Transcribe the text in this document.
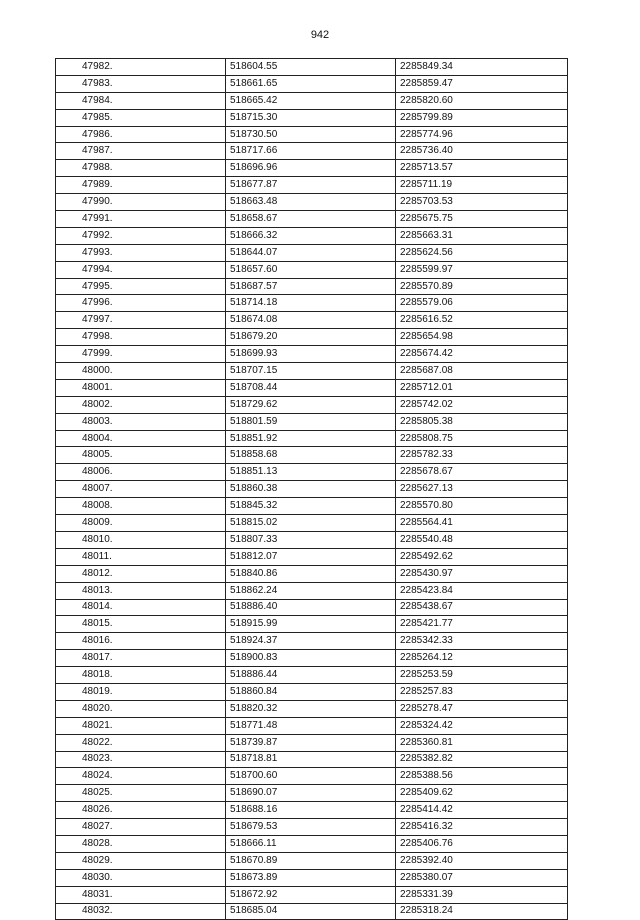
942
47982.	518604.55	2285849.34
47983.	518661.65	2285859.47
47984.	518665.42	2285820.60
47985.	518715.30	2285799.89
47986.	518730.50	2285774.96
47987.	518717.66	2285736.40
47988.	518696.96	2285713.57
47989.	518677.87	2285711.19
47990.	518663.48	2285703.53
47991.	518658.67	2285675.75
47992.	518666.32	2285663.31
47993.	518644.07	2285624.56
47994.	518657.60	2285599.97
47995.	518687.57	2285570.89
47996.	518714.18	2285579.06
47997.	518674.08	2285616.52
47998.	518679.20	2285654.98
47999.	518699.93	2285674.42
48000.	518707.15	2285687.08
48001.	518708.44	2285712.01
48002.	518729.62	2285742.02
48003.	518801.59	2285805.38
48004.	518851.92	2285808.75
48005.	518858.68	2285782.33
48006.	518851.13	2285678.67
48007.	518860.38	2285627.13
48008.	518845.32	2285570.80
48009.	518815.02	2285564.41
48010.	518807.33	2285540.48
48011.	518812.07	2285492.62
48012.	518840.86	2285430.97
48013.	518862.24	2285423.84
48014.	518886.40	2285438.67
48015.	518915.99	2285421.77
48016.	518924.37	2285342.33
48017.	518900.83	2285264.12
48018.	518886.44	2285253.59
48019.	518860.84	2285257.83
48020.	518820.32	2285278.47
48021.	518771.48	2285324.42
48022.	518739.87	2285360.81
48023.	518718.81	2285382.82
48024.	518700.60	2285388.56
48025.	518690.07	2285409.62
48026.	518688.16	2285414.42
48027.	518679.53	2285416.32
48028.	518666.11	2285406.76
48029.	518670.89	2285392.40
48030.	518673.89	2285380.07
48031.	518672.92	2285331.39
48032.	518685.04	2285318.24
